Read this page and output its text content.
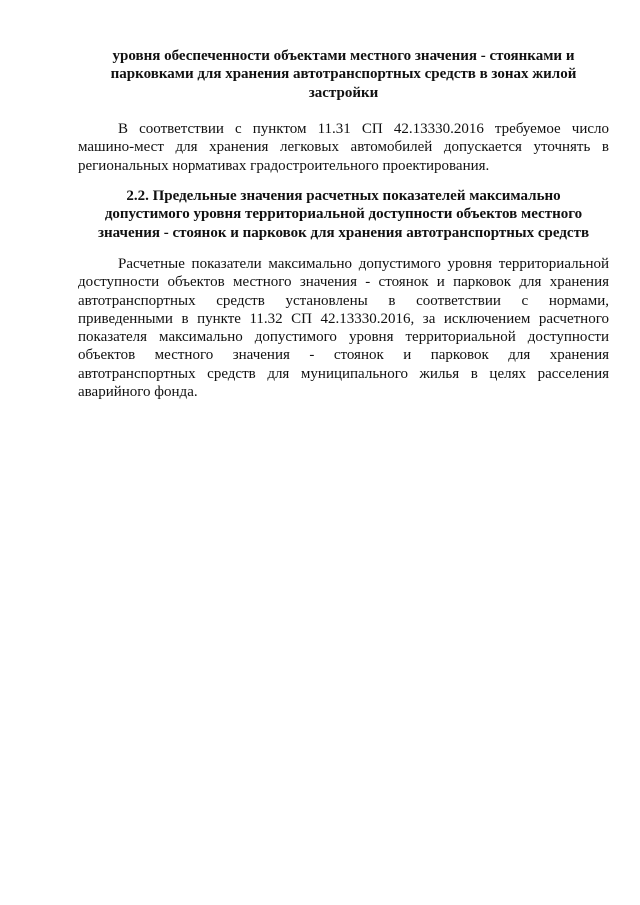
уровня обеспеченности объектами местного значения - стоянками и
парковками для хранения автотранспортных средств в зонах жилой
застройки
В соответствии с пунктом 11.31 СП 42.13330.2016 требуемое число
машино-мест для хранения легковых автомобилей допускается уточнять в
региональных нормативах градостроительного проектирования.
2.2. Предельные значения расчетных показателей максимально
допустимого уровня территориальной доступности объектов местного
значения - стоянок и парковок для хранения автотранспортных средств
Расчетные показатели максимально допустимого уровня территориальной
доступности объектов местного значения - стоянок и парковок для хранения
автотранспортных средств установлены в соответствии с нормами,
приведенными в пункте 11.32 СП 42.13330.2016, за исключением расчетного
показателя максимально допустимого уровня территориальной доступности
объектов местного значения - стоянок и парковок для хранения
автотранспортных средств для муниципального жилья в целях расселения
аварийного фонда.
